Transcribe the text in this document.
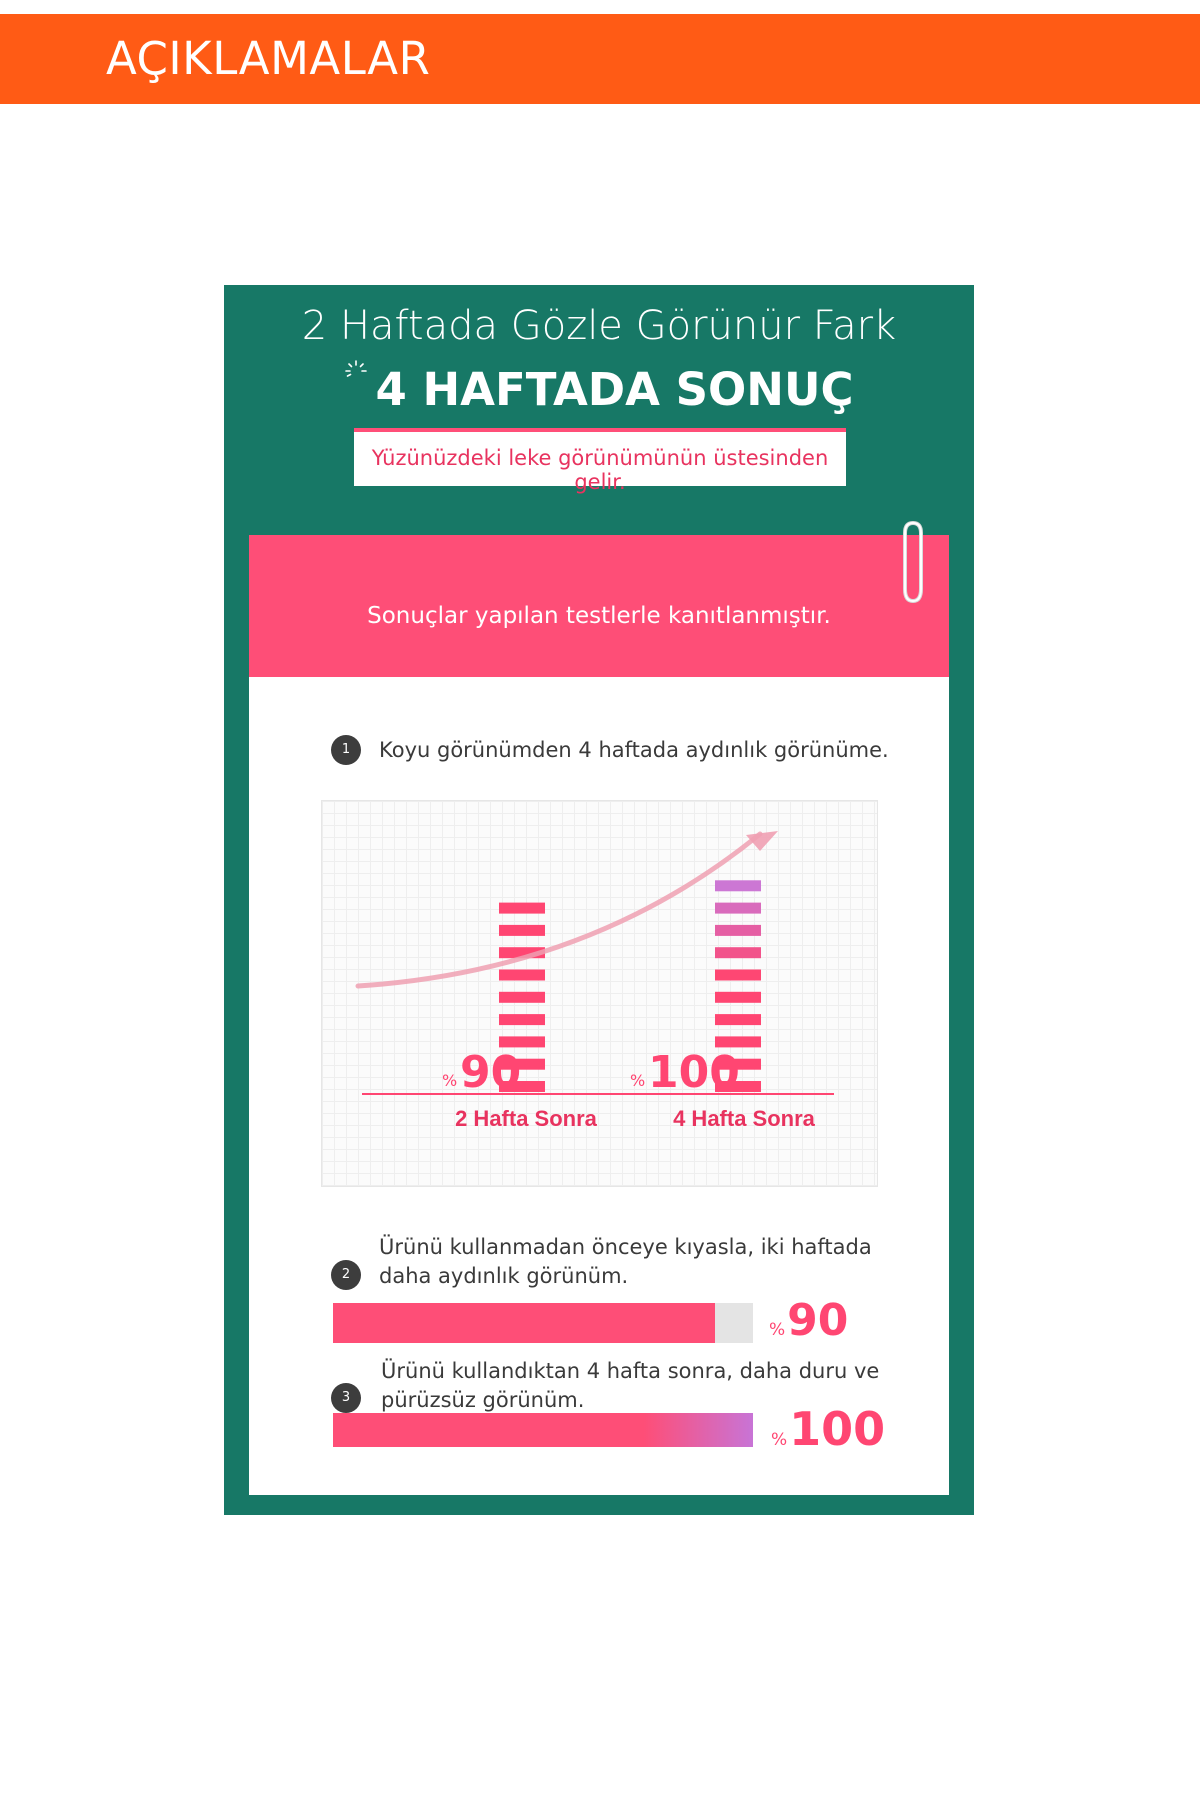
AÇIKLAMALAR
2 Haftada Gözle Görünür Fark
4 HAFTADA SONUÇ
Yüzünüzdeki leke görünümünün üstesinden gelir.
Sonuçlar yapılan testlerle kanıtlanmıştır.
1	Koyu görünümden 4 haftada aydınlık görünüme.
2 Hafta Sonra
% 90
4 Hafta Sonra
% 100
2
Ürünü kullanmadan önceye kıyasla, iki haftada
daha aydınlık görünüm.
%90
3
Ürünü kullandıktan 4 hafta sonra, daha duru ve
pürüzsüz görünüm.
%100
